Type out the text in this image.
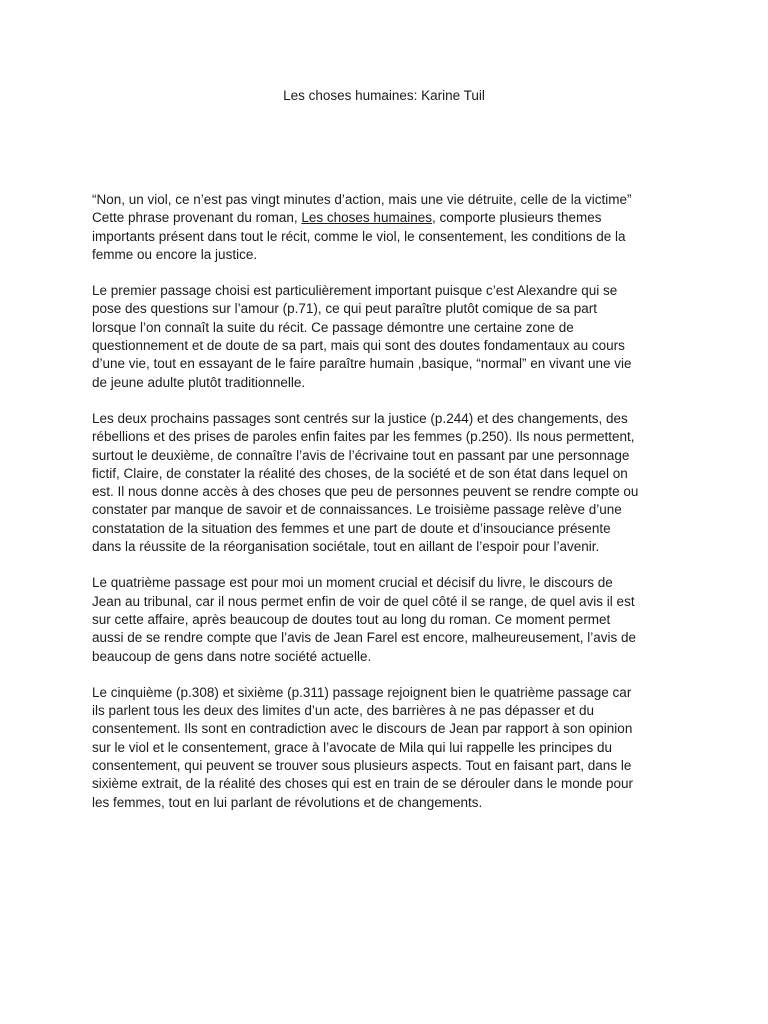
Les choses humaines: Karine Tuil

“Non, un viol, ce n’est pas vingt minutes d’action, mais une vie détruite, celle de la victime”
Cette phrase provenant du roman, Les choses humaines, comporte plusieurs themes
importants présent dans tout le récit, comme le viol, le consentement, les conditions de la
femme ou encore la justice.

Le premier passage choisi est particulièrement important puisque c’est Alexandre qui se
pose des questions sur l’amour (p.71), ce qui peut paraître plutôt comique de sa part
lorsque l’on connaît la suite du récit. Ce passage démontre une certaine zone de
questionnement et de doute de sa part, mais qui sont des doutes fondamentaux au cours
d’une vie, tout en essayant de le faire paraître humain ,basique, “normal” en vivant une vie
de jeune adulte plutôt traditionnelle.

Les deux prochains passages sont centrés sur la justice (p.244) et des changements, des
rébellions et des prises de paroles enfin faites par les femmes (p.250). Ils nous permettent,
surtout le deuxième, de connaître l’avis de l’écrivaine tout en passant par une personnage
fictif, Claire, de constater la réalité des choses, de la société et de son état dans lequel on
est. Il nous donne accès à des choses que peu de personnes peuvent se rendre compte ou
constater par manque de savoir et de connaissances. Le troisième passage relève d’une
constatation de la situation des femmes et une part de doute et d’insouciance présente
dans la réussite de la réorganisation sociétale, tout en aillant de l’espoir pour l’avenir.

Le quatrième passage est pour moi un moment crucial et décisif du livre, le discours de
Jean au tribunal, car il nous permet enfin de voir de quel côté il se range, de quel avis il est
sur cette affaire, après beaucoup de doutes tout au long du roman. Ce moment permet
aussi de se rendre compte que l’avis de Jean Farel est encore, malheureusement, l’avis de
beaucoup de gens dans notre société actuelle.

Le cinquième (p.308) et sixième (p.311) passage rejoignent bien le quatrième passage car
ils parlent tous les deux des limites d’un acte, des barrières à ne pas dépasser et du
consentement. Ils sont en contradiction avec le discours de Jean par rapport à son opinion
sur le viol et le consentement, grace à l’avocate de Mila qui lui rappelle les principes du
consentement, qui peuvent se trouver sous plusieurs aspects. Tout en faisant part, dans le
sixième extrait, de la réalité des choses qui est en train de se dérouler dans le monde pour
les femmes, tout en lui parlant de révolutions et de changements.
